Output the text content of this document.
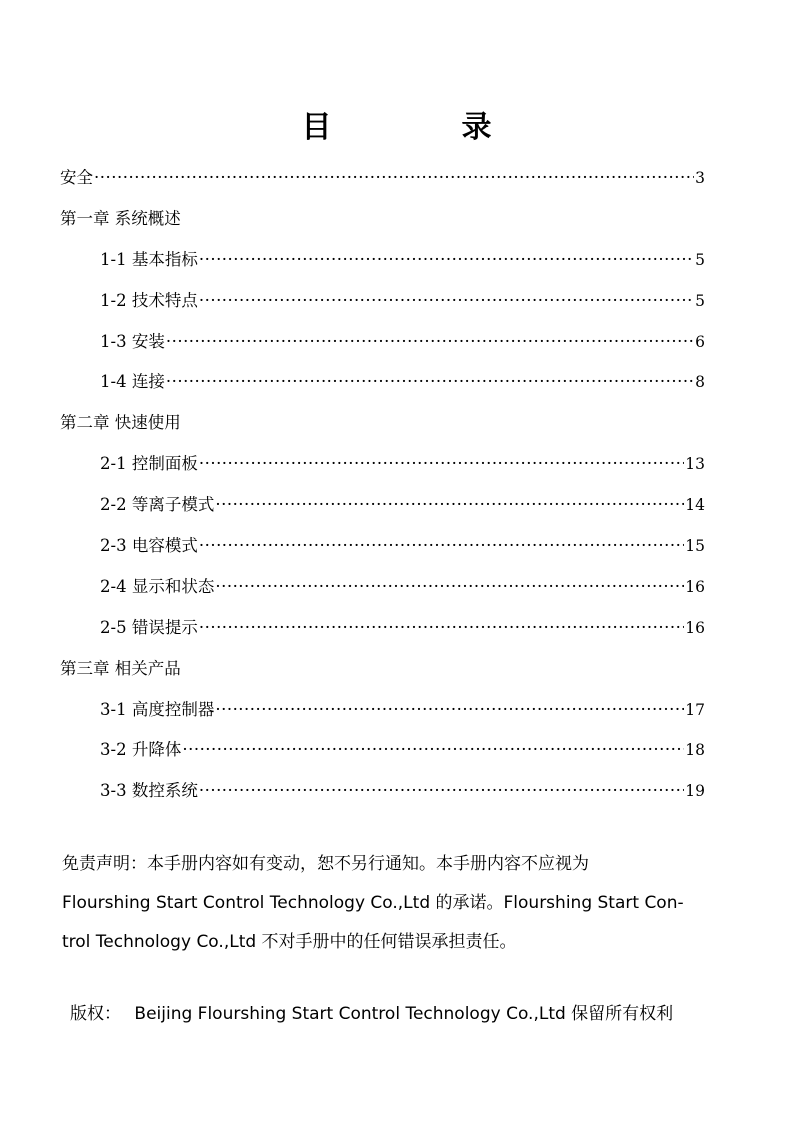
目　录
安全 ·····	3
第一章 系统概述
1-1 基本指标 ·····	5
1-2 技术特点 ·····	5
1-3 安装 ·····	6
1-4 连接 ·····	8
第二章 快速使用
2-1 控制面板 ·····	13
2-2 等离子模式 ·····	14
2-3 电容模式 ·····	15
2-4 显示和状态 ·····	16
2-5 错误提示 ·····	16
第三章 相关产品
3-1 高度控制器 ·····	17
3-2 升降体 ·····	18
3-3 数控系统 ·····	19

免责声明：本手册内容如有变动，恕不另行通知。本手册内容不应视为
Flourshing Start Control Technology Co.,Ltd 的承诺。Flourshing Start Con-
trol Technology Co.,Ltd 不对手册中的任何错误承担责任。

版权： Beijing Flourshing Start Control Technology Co.,Ltd 保留所有权利
